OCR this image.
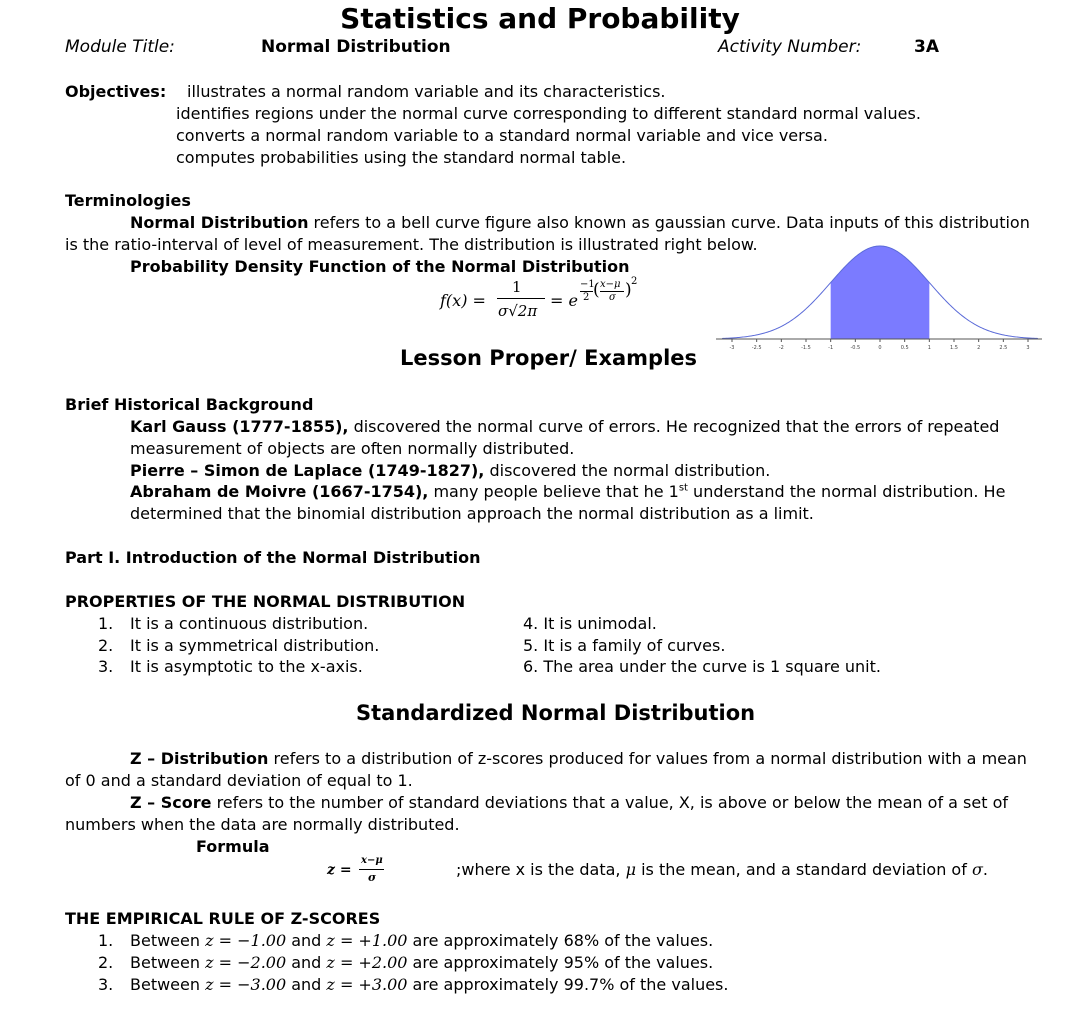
Statistics and Probability
Module Title:	Normal Distribution	Activity Number:	3A
Objectives: illustrates a normal random variable and its characteristics.
identifies regions under the normal curve corresponding to different standard normal values.
converts a normal random variable to a standard normal variable and vice versa.
computes probabilities using the standard normal table.
Terminologies
Normal Distribution refers to a bell curve figure also known as gaussian curve. Data inputs of this distribution
is the ratio-interval of level of measurement. The distribution is illustrated right below.
Probability Density Function of the Normal Distribution
f(x) =
1
σ√2π
= e
−1
2 ( x−μ
σ ) 2
-3	-2.5	-2	-1.5	-1	-0.5	0	0.5	1	1.5	2	2.5	3
Lesson Proper/ Examples
Brief Historical Background
Karl Gauss (1777-1855), discovered the normal curve of errors. He recognized that the errors of repeated
measurement of objects are often normally distributed.
Pierre – Simon de Laplace (1749-1827), discovered the normal distribution.
Abraham de Moivre (1667-1754), many people believe that he 1st understand the normal distribution. He
determined that the binomial distribution approach the normal distribution as a limit.
Part I. Introduction of the Normal Distribution
PROPERTIES OF THE NORMAL DISTRIBUTION
1. It is a continuous distribution.
2. It is a symmetrical distribution.
3. It is asymptotic to the x-axis.
4. It is unimodal.
5. It is a family of curves.
6. The area under the curve is 1 square unit.
Standardized Normal Distribution
Z – Distribution refers to a distribution of z-scores produced for values from a normal distribution with a mean
of 0 and a standard deviation of equal to 1.
Z – Score refers to the number of standard deviations that a value, X, is above or below the mean of a set of
numbers when the data are normally distributed.
Formula
z =
x−μ
σ	;where x is the data, μ is the mean, and a standard deviation of σ.
THE EMPIRICAL RULE OF Z-SCORES
1. Between z = −1.00 and z = +1.00 are approximately 68% of the values.
2. Between z = −2.00 and z = +2.00 are approximately 95% of the values.
3. Between z = −3.00 and z = +3.00 are approximately 99.7% of the values.
